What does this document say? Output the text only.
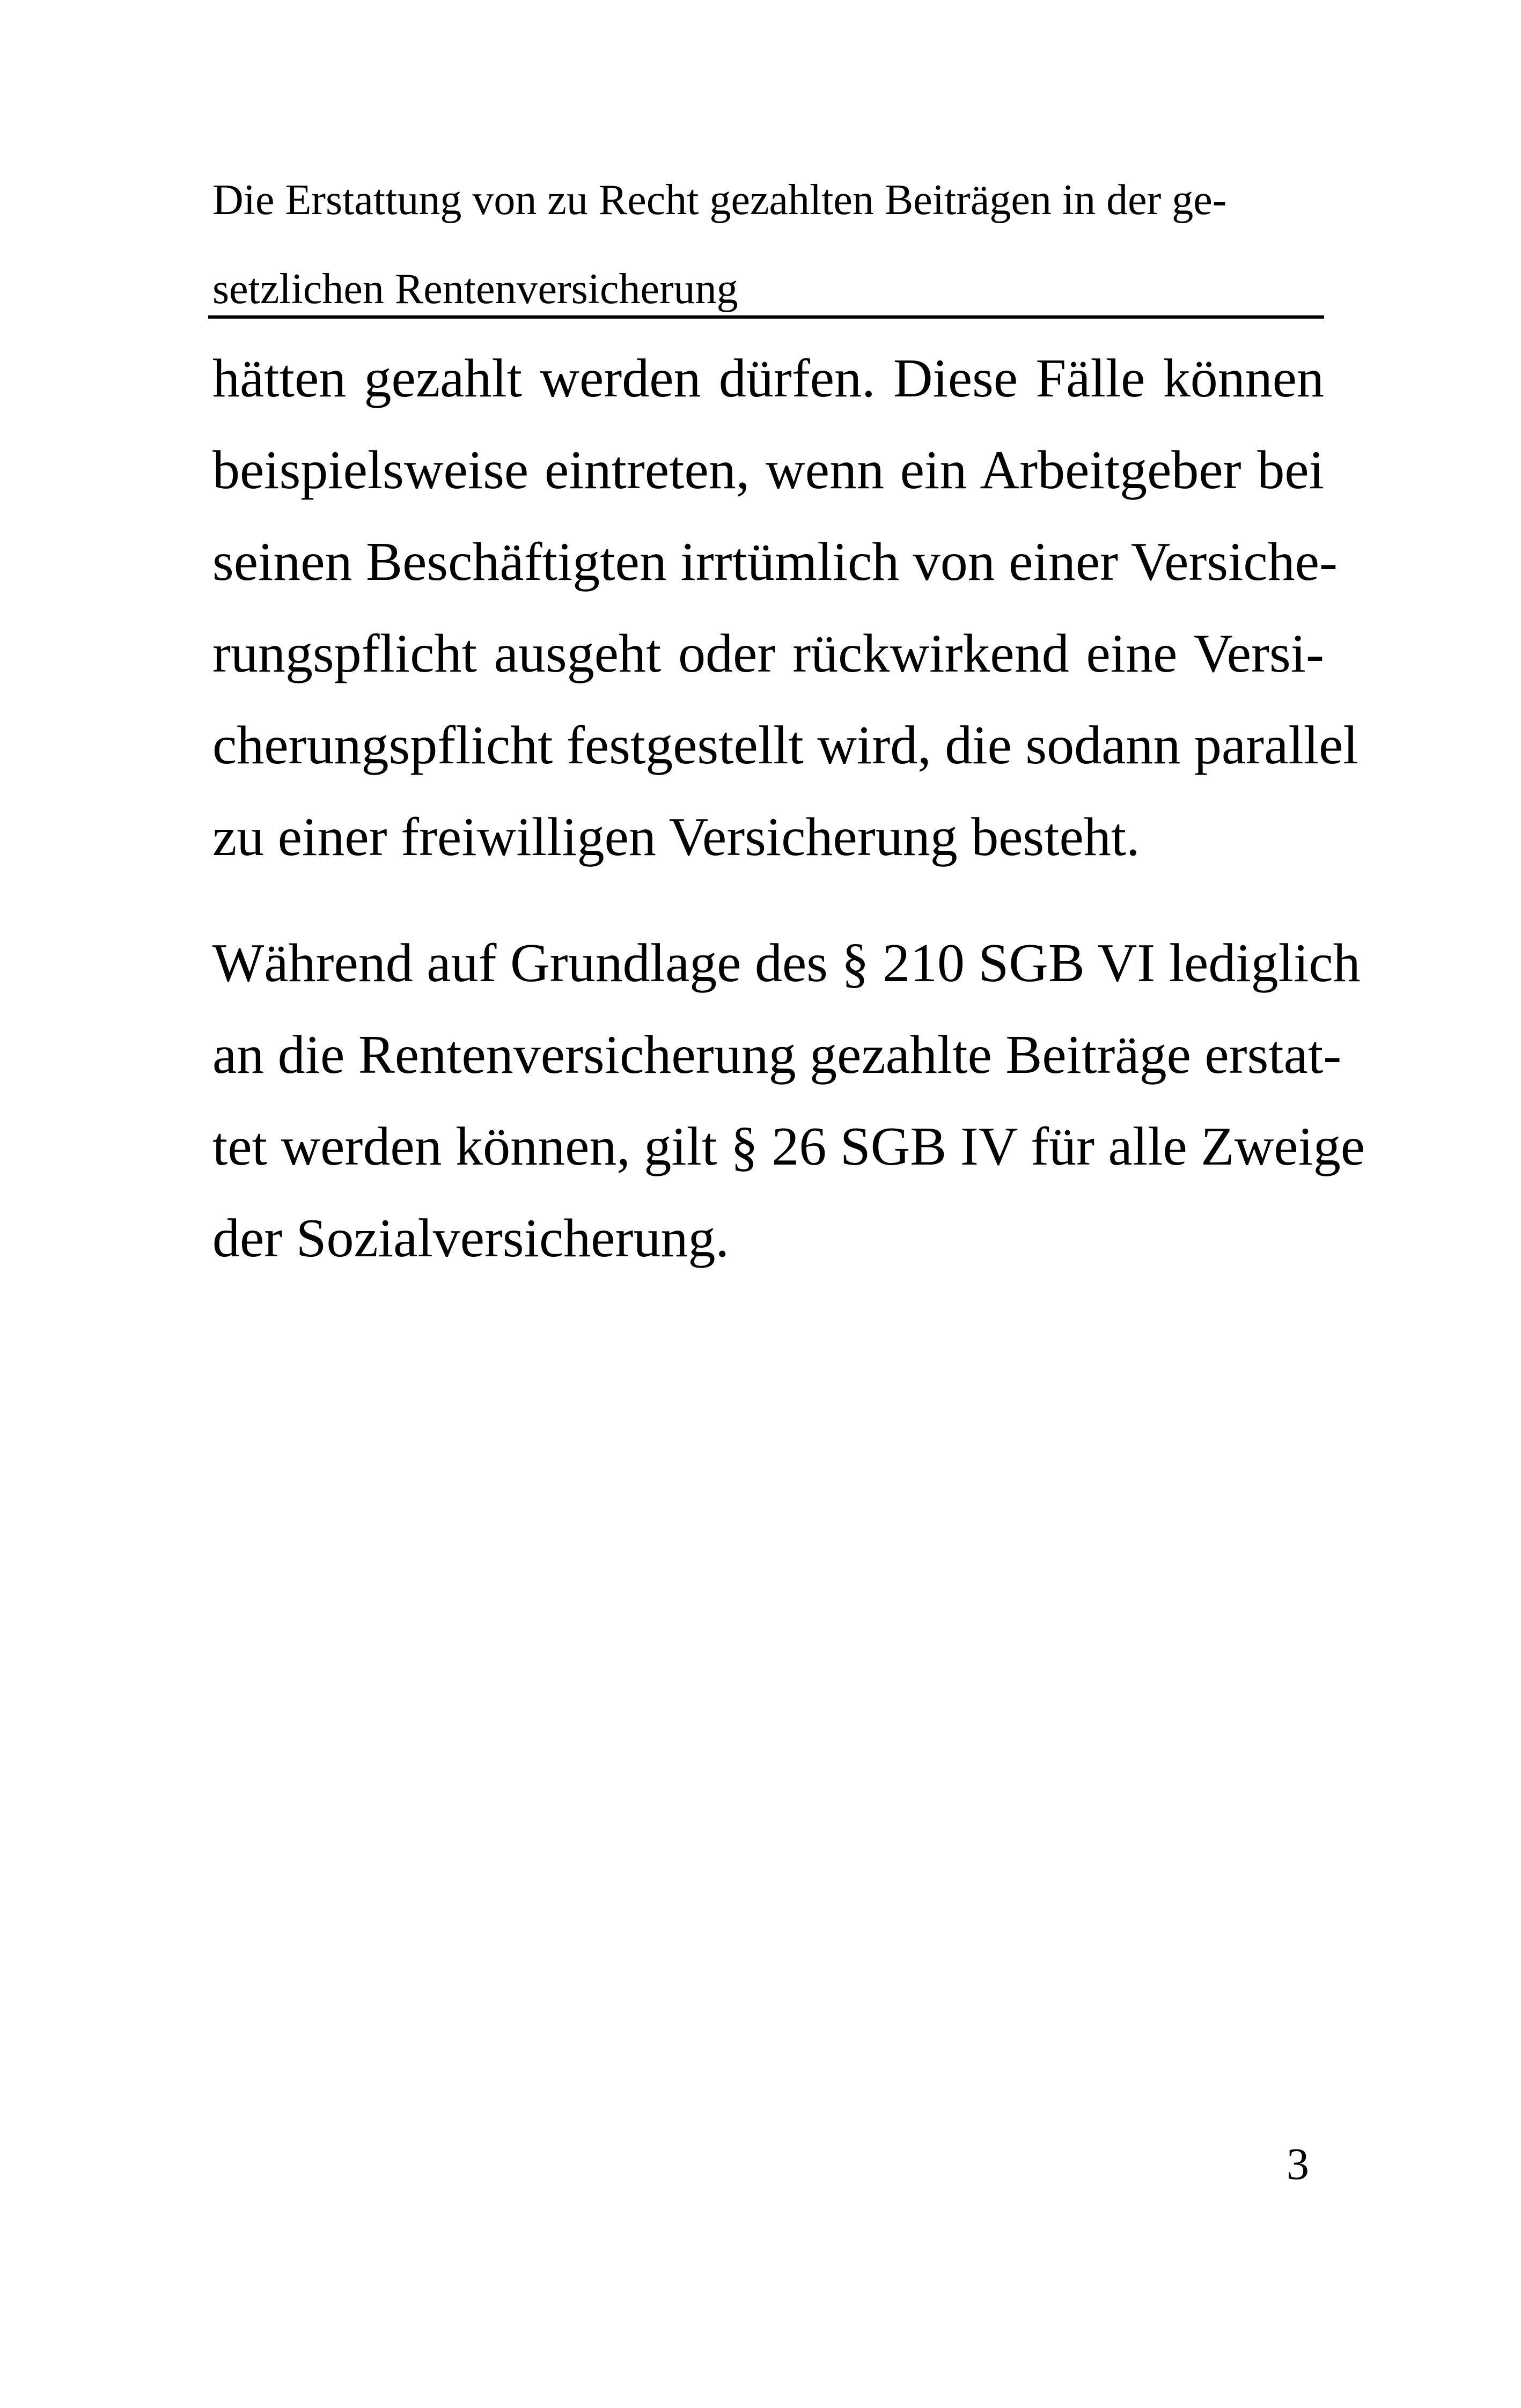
Die Erstattung von zu Recht gezahlten Beiträgen in der ge-
setzlichen Rentenversicherung
hätten gezahlt werden dürfen. Diese Fälle können
beispielsweise eintreten, wenn ein Arbeitgeber bei
seinen Beschäftigten irrtümlich von einer Versiche-
rungspflicht ausgeht oder rückwirkend eine Versi-
cherungspflicht festgestellt wird, die sodann parallel
zu einer freiwilligen Versicherung besteht.
Während auf Grundlage des § 210 SGB VI lediglich
an die Rentenversicherung gezahlte Beiträge erstat-
tet werden können, gilt § 26 SGB IV für alle Zweige
der Sozialversicherung.
3
